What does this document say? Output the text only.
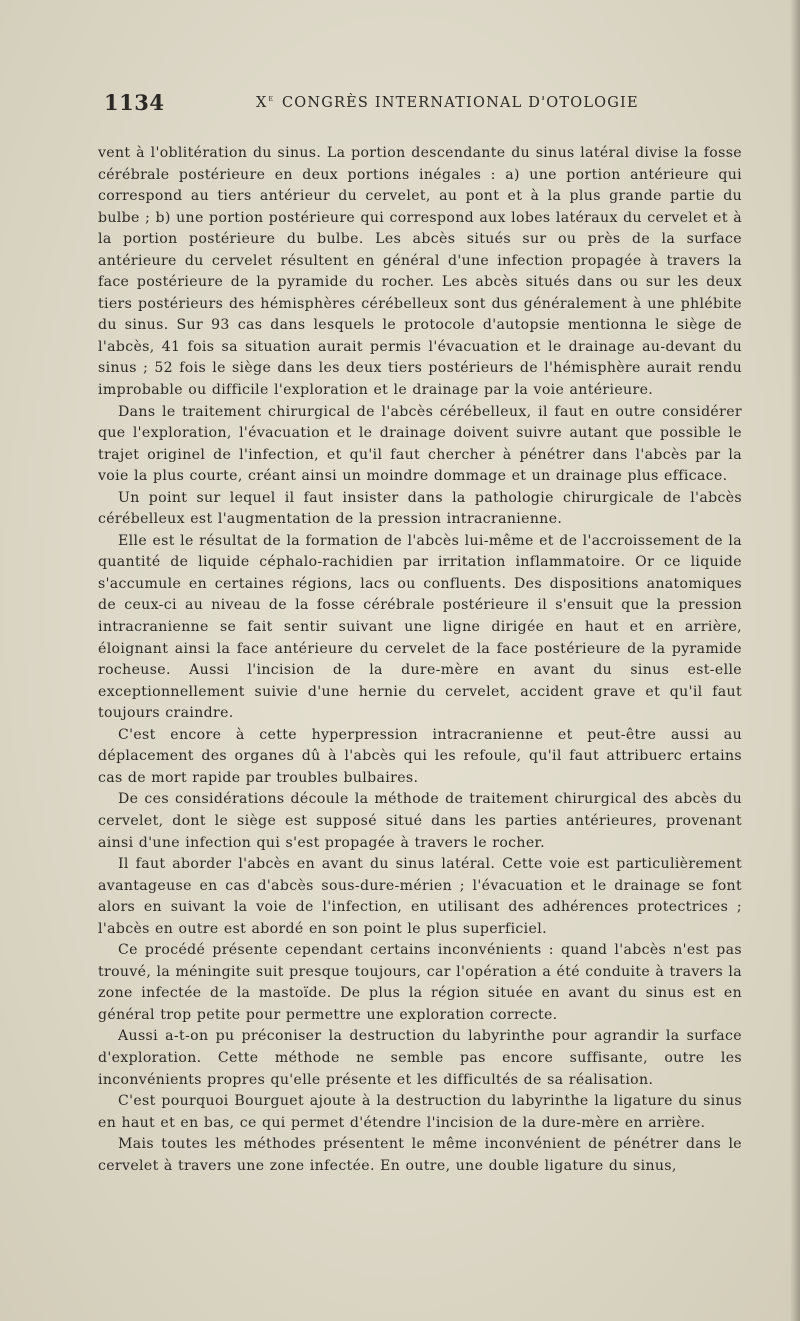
1134	Xe CONGRÈS INTERNATIONAL D'OTOLOGIE

vent à l'oblitération du sinus. La portion descendante du sinus latéral divise la fosse cérébrale postérieure en deux portions inégales : a) une portion antérieure qui correspond au tiers antérieur du cervelet, au pont et à la plus grande partie du bulbe ; b) une portion postérieure qui correspond aux lobes latéraux du cervelet et à la portion postérieure du bulbe. Les abcès situés sur ou près de la surface antérieure du cervelet résultent en général d'une infection propagée à travers la face postérieure de la pyramide du rocher. Les abcès situés dans ou sur les deux tiers postérieurs des hémisphères cérébelleux sont dus généralement à une phlébite du sinus. Sur 93 cas dans lesquels le protocole d'autopsie mentionna le siège de l'abcès, 41 fois sa situation aurait permis l'évacuation et le drainage au-devant du sinus ; 52 fois le siège dans les deux tiers postérieurs de l'hémisphère aurait rendu improbable ou difficile l'exploration et le drainage par la voie antérieure.

Dans le traitement chirurgical de l'abcès cérébelleux, il faut en outre considérer que l'exploration, l'évacuation et le drainage doivent suivre autant que possible le trajet originel de l'infection, et qu'il faut chercher à pénétrer dans l'abcès par la voie la plus courte, créant ainsi un moindre dommage et un drainage plus efficace.

Un point sur lequel il faut insister dans la pathologie chirurgicale de l'abcès cérébelleux est l'augmentation de la pression intracranienne.

Elle est le résultat de la formation de l'abcès lui-même et de l'accroissement de la quantité de liquide céphalo-rachidien par irritation inflammatoire. Or ce liquide s'accumule en certaines régions, lacs ou confluents. Des dispositions anatomiques de ceux-ci au niveau de la fosse cérébrale postérieure il s'ensuit que la pression intracranienne se fait sentir suivant une ligne dirigée en haut et en arrière, éloignant ainsi la face antérieure du cervelet de la face postérieure de la pyramide rocheuse. Aussi l'incision de la dure-mère en avant du sinus est-elle exceptionnellement suivie d'une hernie du cervelet, accident grave et qu'il faut toujours craindre.

C'est encore à cette hyperpression intracranienne et peut-être aussi au déplacement des organes dû à l'abcès qui les refoule, qu'il faut attribuerc ertains cas de mort rapide par troubles bulbaires.

De ces considérations découle la méthode de traitement chirurgical des abcès du cervelet, dont le siège est supposé situé dans les parties antérieures, provenant ainsi d'une infection qui s'est propagée à travers le rocher.

Il faut aborder l'abcès en avant du sinus latéral. Cette voie est particulièrement avantageuse en cas d'abcès sous-dure-mérien ; l'évacuation et le drainage se font alors en suivant la voie de l'infection, en utilisant des adhérences protectrices ; l'abcès en outre est abordé en son point le plus superficiel.

Ce procédé présente cependant certains inconvénients : quand l'abcès n'est pas trouvé, la méningite suit presque toujours, car l'opération a été conduite à travers la zone infectée de la mastoïde. De plus la région située en avant du sinus est en général trop petite pour permettre une exploration correcte.

Aussi a-t-on pu préconiser la destruction du labyrinthe pour agrandir la surface d'exploration. Cette méthode ne semble pas encore suffisante, outre les inconvénients propres qu'elle présente et les difficultés de sa réalisation.

C'est pourquoi Bourguet ajoute à la destruction du labyrinthe la ligature du sinus en haut et en bas, ce qui permet d'étendre l'incision de la dure-mère en arrière.

Mais toutes les méthodes présentent le même inconvénient de pénétrer dans le cervelet à travers une zone infectée. En outre, une double ligature du sinus,
